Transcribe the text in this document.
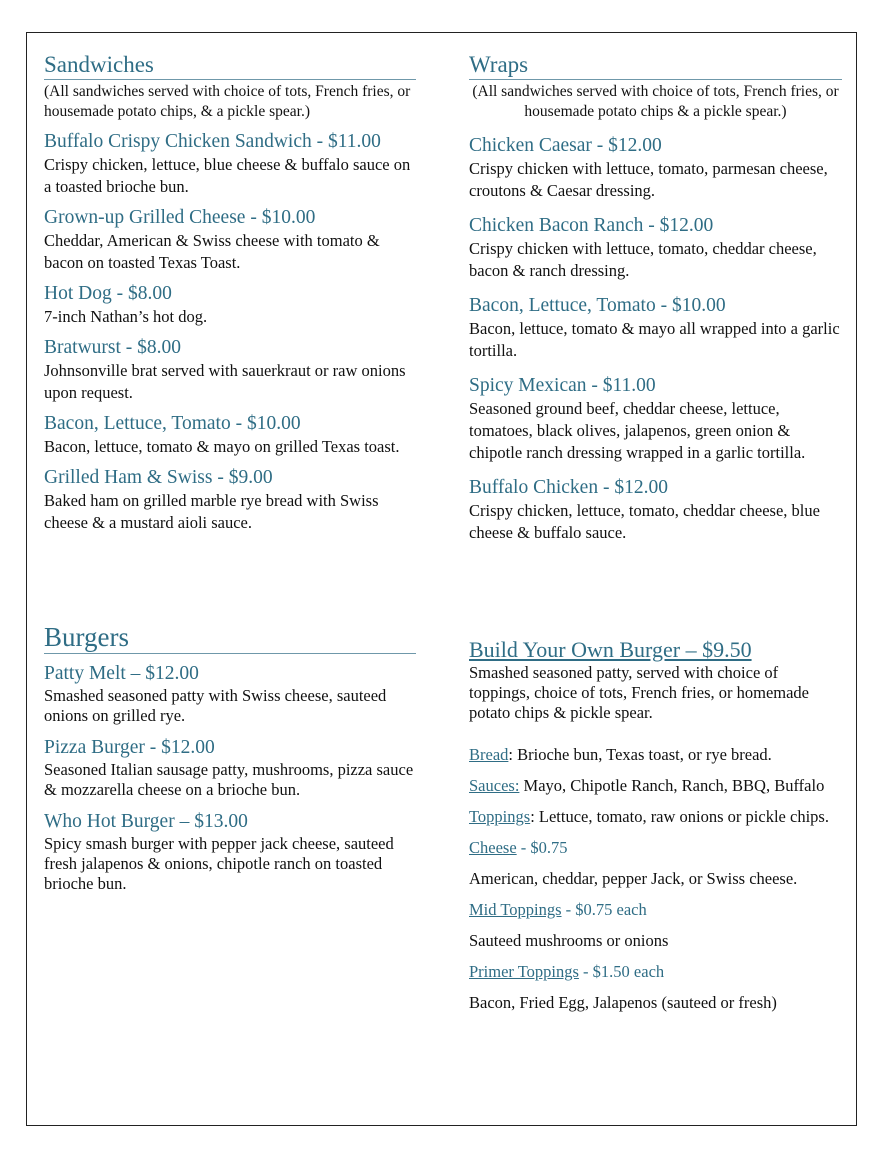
Sandwiches
(All sandwiches served with choice of tots, French fries, or housemade potato chips, & a pickle spear.)
Buffalo Crispy Chicken Sandwich - $11.00
Crispy chicken, lettuce, blue cheese & buffalo sauce on a toasted brioche bun.
Grown-up Grilled Cheese - $10.00
Cheddar, American & Swiss cheese with tomato & bacon on toasted Texas Toast.
Hot Dog - $8.00
7-inch Nathan’s hot dog.
Bratwurst - $8.00
Johnsonville brat served with sauerkraut or raw onions upon request.
Bacon, Lettuce, Tomato - $10.00
Bacon, lettuce, tomato & mayo on grilled Texas toast.
Grilled Ham & Swiss - $9.00
Baked ham on grilled marble rye bread with Swiss cheese & a mustard aioli sauce.
Wraps
(All sandwiches served with choice of tots, French fries, or housemade potato chips & a pickle spear.)
Chicken Caesar - $12.00
Crispy chicken with lettuce, tomato, parmesan cheese, croutons & Caesar dressing.
Chicken Bacon Ranch - $12.00
Crispy chicken with lettuce, tomato, cheddar cheese, bacon & ranch dressing.
Bacon, Lettuce, Tomato - $10.00
Bacon, lettuce, tomato & mayo all wrapped into a garlic tortilla.
Spicy Mexican - $11.00
Seasoned ground beef, cheddar cheese, lettuce, tomatoes, black olives, jalapenos, green onion & chipotle ranch dressing wrapped in a garlic tortilla.
Buffalo Chicken - $12.00
Crispy chicken, lettuce, tomato, cheddar cheese, blue cheese & buffalo sauce.
Burgers
Patty Melt – $12.00
Smashed seasoned patty with Swiss cheese, sauteed onions on grilled rye.
Pizza Burger - $12.00
Seasoned Italian sausage patty, mushrooms, pizza sauce & mozzarella cheese on a brioche bun.
Who Hot Burger – $13.00
Spicy smash burger with pepper jack cheese, sauteed fresh jalapenos & onions, chipotle ranch on toasted brioche bun.
Build Your Own Burger – $9.50
Smashed seasoned patty, served with choice of toppings, choice of tots, French fries, or homemade potato chips & pickle spear.
Bread: Brioche bun, Texas toast, or rye bread.
Sauces: Mayo, Chipotle Ranch, Ranch, BBQ, Buffalo
Toppings: Lettuce, tomato, raw onions or pickle chips.
Cheese - $0.75
American, cheddar, pepper Jack, or Swiss cheese.
Mid Toppings - $0.75 each
Sauteed mushrooms or onions
Primer Toppings - $1.50 each
Bacon, Fried Egg, Jalapenos (sauteed or fresh)
